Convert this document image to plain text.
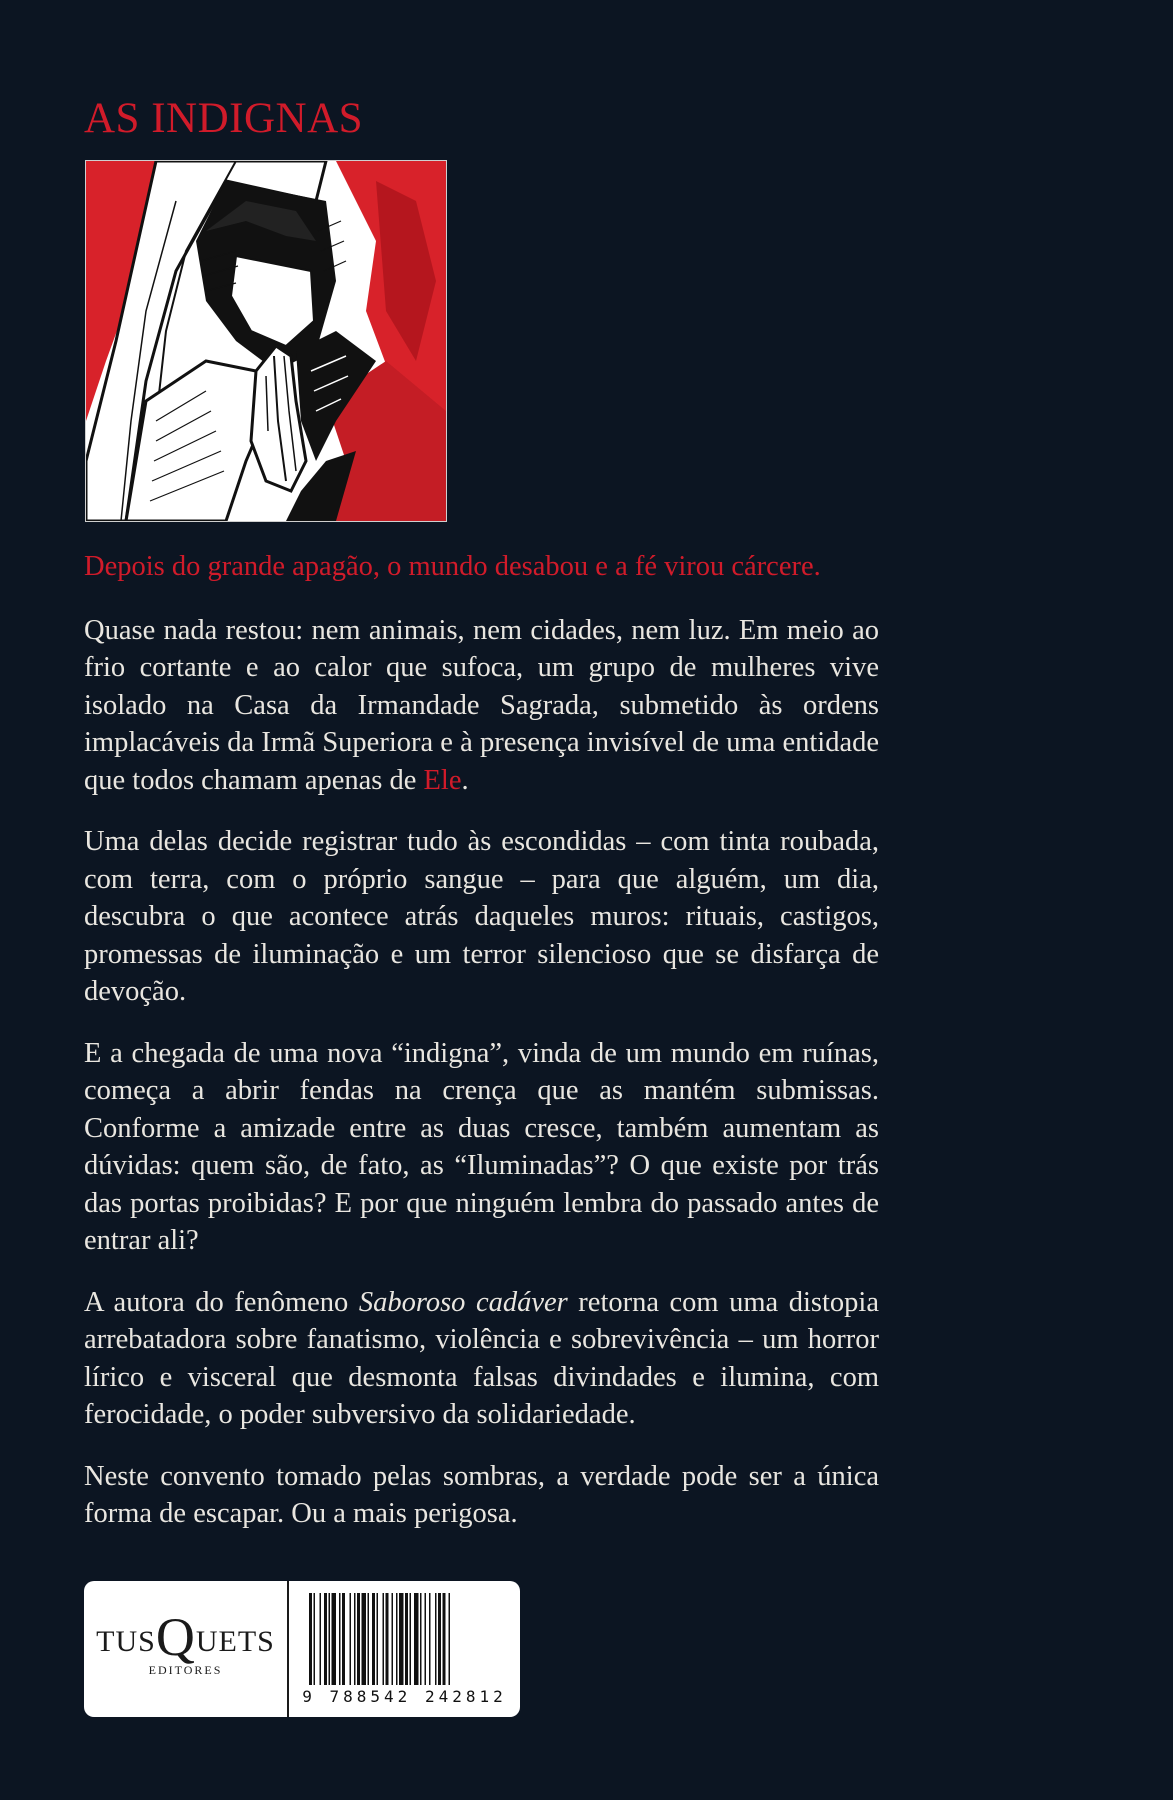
AS INDIGNAS

Depois do grande apagão, o mundo desabou e a fé virou cárcere.

Quase nada restou: nem animais, nem cidades, nem luz. Em meio ao frio cortante e ao calor que sufoca, um grupo de mulheres vive isolado na Casa da Irmandade Sagrada, submetido às ordens implacáveis da Irmã Superiora e à presença invisível de uma entidade que todos chamam apenas de Ele.

Uma delas decide registrar tudo às escondidas – com tinta roubada, com terra, com o próprio sangue – para que alguém, um dia, descubra o que acontece atrás daqueles muros: rituais, castigos, promessas de iluminação e um terror silencioso que se disfarça de devoção.

E a chegada de uma nova “indigna”, vinda de um mundo em ruínas, começa a abrir fendas na crença que as mantém submissas. Conforme a amizade entre as duas cresce, também aumentam as dúvidas: quem são, de fato, as “Iluminadas”? O que existe por trás das portas proibidas? E por que ninguém lembra do passado antes de entrar ali?

A autora do fenômeno Saboroso cadáver retorna com uma distopia arrebatadora sobre fanatismo, violência e sobrevivência – um horror lírico e visceral que desmonta falsas divindades e ilumina, com ferocidade, o poder subversivo da solidariedade.

Neste convento tomado pelas sombras, a verdade pode ser a única forma de escapar. Ou a mais perigosa.

TUSQUETS
EDITORES
9 788542 242812
